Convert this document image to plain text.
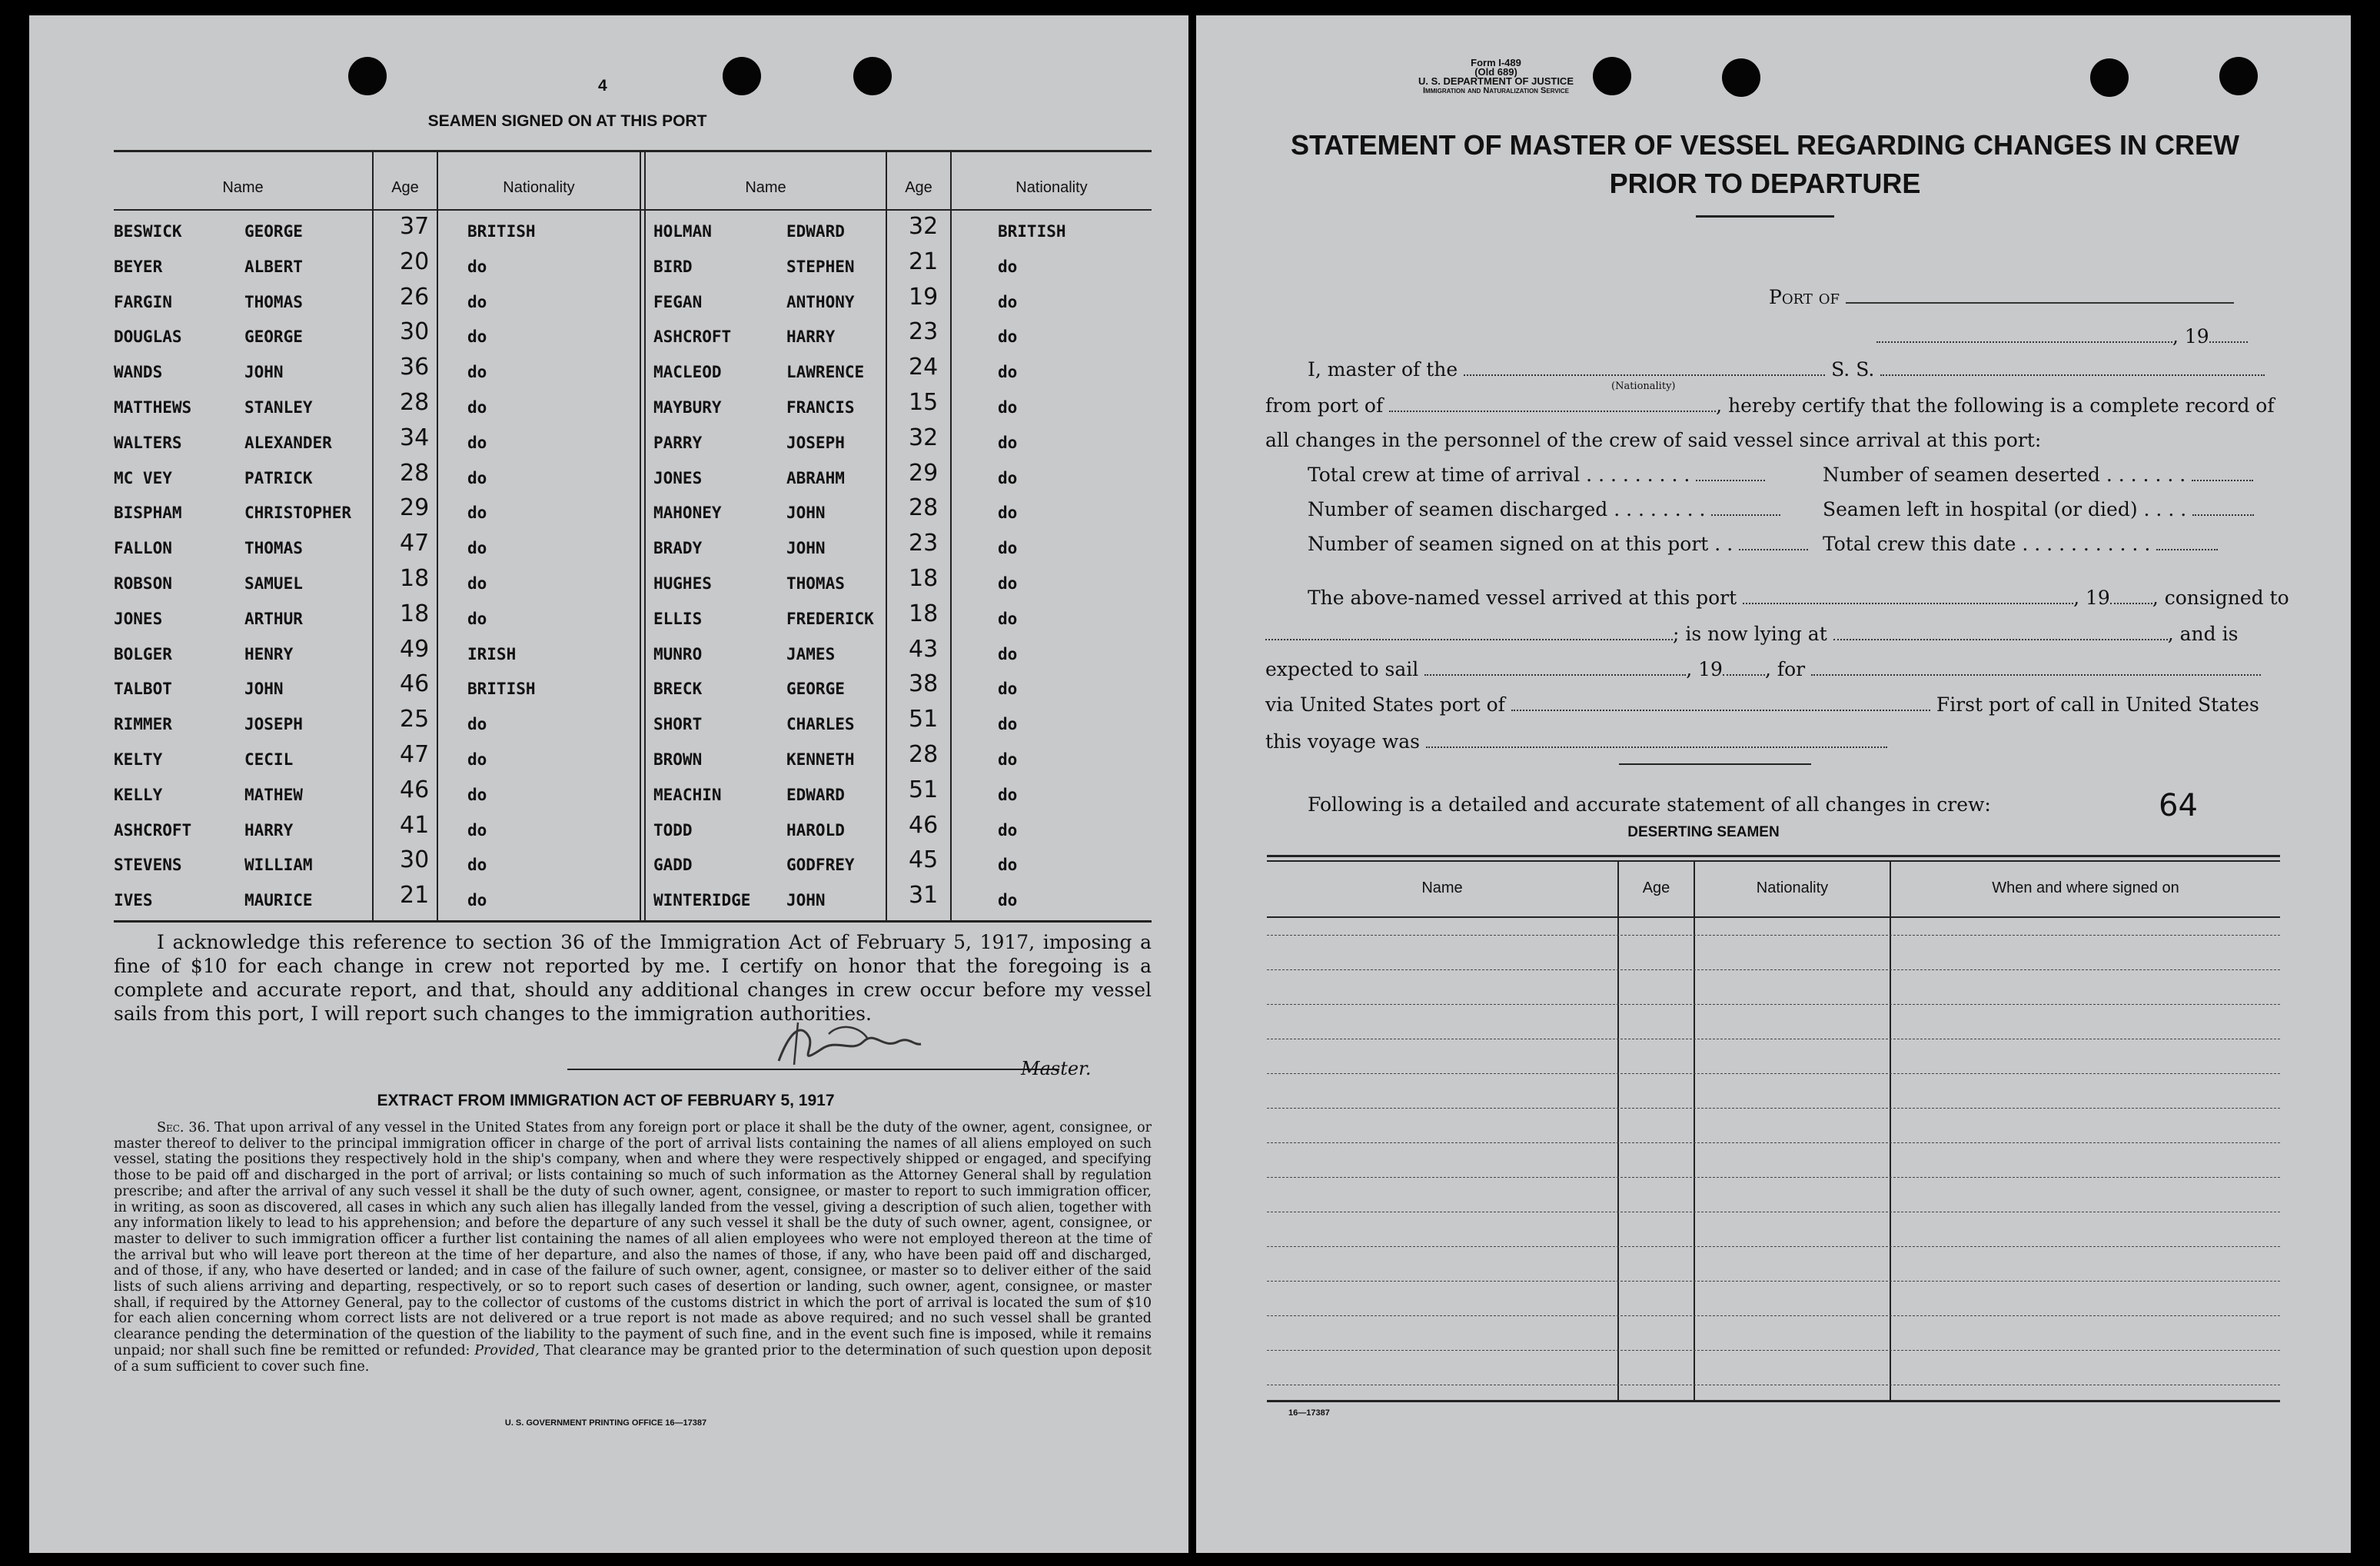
4
SEAMEN SIGNED ON AT THIS PORT
Name	Age	Nationality	Name	Age	Nationality
BESWICK	GEORGE	37 BRITISH	HOLMAN	EDWARD	32	BRITISH
BEYER	ALBERT	20 do	BIRD	STEPHEN 21	do
FARGIN	THOMAS	26 do	FEGAN	ANTHONY 19	do
DOUGLAS	GEORGE	30 do	ASHCROFT	HARRY	23	do
WANDS	JOHN	36 do	MACLEOD	LAWRENCE 24	do
MATTHEWS	STANLEY	28 do	MAYBURY	FRANCIS 15	do
WALTERS	ALEXANDER	34 do	PARRY	JOSEPH	32	do
MC VEY	PATRICK	28 do	JONES	ABRAHM	29	do
BISPHAM	CHRISTOPHER 29 do	MAHONEY	JOHN	28	do
FALLON	THOMAS	47 do	BRADY	JOHN	23	do
ROBSON	SAMUEL	18 do	HUGHES	THOMAS	18	do
JONES	ARTHUR	18 do	ELLIS	FREDERICK 18	do
BOLGER	HENRY	49 IRISH	MUNRO	JAMES	43	do
TALBOT	JOHN	46 BRITISH	BRECK	GEORGE	38	do
RIMMER	JOSEPH	25 do	SHORT	CHARLES 51	do
KELTY	CECIL	47 do	BROWN	KENNETH 28	do
KELLY	MATHEW	46 do	MEACHIN	EDWARD	51	do
ASHCROFT	HARRY	41 do	TODD	HAROLD	46	do
STEVENS	WILLIAM	30 do	GADD	GODFREY 45	do
IVES	MAURICE	21 do	WINTERIDGE JOHN	31	do
I acknowledge this reference to section 36 of the Immigration Act of February 5, 1917, imposing a fine of $10 for each change in crew not reported by me. I certify on honor that the foregoing is a complete and accurate report, and that, should any additional changes in crew occur before my vessel sails from this port, I will report such changes to the immigration authorities.
Master.
EXTRACT FROM IMMIGRATION ACT OF FEBRUARY 5, 1917
Sec. 36. That upon arrival of any vessel in the United States from any foreign port or place it shall be the duty of the owner, agent, consignee, or master thereof to deliver to the principal immigration officer in charge of the port of arrival lists containing the names of all aliens employed on such vessel, stating the positions they respectively hold in the ship's company, when and where they were respectively shipped or engaged, and specifying those to be paid off and discharged in the port of arrival; or lists containing so much of such information as the Attorney General shall by regulation prescribe; and after the arrival of any such vessel it shall be the duty of such owner, agent, consignee, or master to report to such immigration officer, in writing, as soon as discovered, all cases in which any such alien has illegally landed from the vessel, giving a description of such alien, together with any information likely to lead to his apprehension; and before the departure of any such vessel it shall be the duty of such owner, agent, consignee, or master to deliver to such immigration officer a further list containing the names of all alien employees who were not employed thereon at the time of the arrival but who will leave port thereon at the time of her departure, and also the names of those, if any, who have been paid off and discharged, and of those, if any, who have deserted or landed; and in case of the failure of such owner, agent, consignee, or master so to deliver either of the said lists of such aliens arriving and departing, respectively, or so to report such cases of desertion or landing, such owner, agent, consignee, or master shall, if required by the Attorney General, pay to the collector of customs of the customs district in which the port of arrival is located the sum of $10 for each alien concerning whom correct lists are not delivered or a true report is not made as above required; and no such vessel shall be granted clearance pending the determination of the question of the liability to the payment of such fine, and in the event such fine is imposed, while it remains unpaid; nor shall such fine be remitted or refunded: Provided, That clearance may be granted prior to the determination of such question upon deposit of a sum sufficient to cover such fine.
U. S. GOVERNMENT PRINTING OFFICE 16—17387
Form I-489
(Old 689)
U. S. DEPARTMENT OF JUSTICE
Immigration and Naturalization Service
STATEMENT OF MASTER OF VESSEL REGARDING CHANGES IN CREW
PRIOR TO DEPARTURE
Port of
, 19
I, master of the	S. S.
(Nationality)
from port of	, hereby certify that the following is a complete record of
all changes in the personnel of the crew of said vessel since arrival at this port:
Total crew at time of arrival . . . . . . . . .	Number of seamen deserted . . . . . . .
Number of seamen discharged . . . . . . . .	Seamen left in hospital (or died) . . . .
Number of seamen signed on at this port . .	Total crew this date . . . . . . . . . . .
The above-named vessel arrived at this port	, 19 , consigned to
; is now lying at	, and is
expected to sail	, 19 , for
via United States port of	First port of call in United States
this voyage was
Following is a detailed and accurate statement of all changes in crew:	64
DESERTING SEAMEN
Name	Age	Nationality	When and where signed on
16—17387
